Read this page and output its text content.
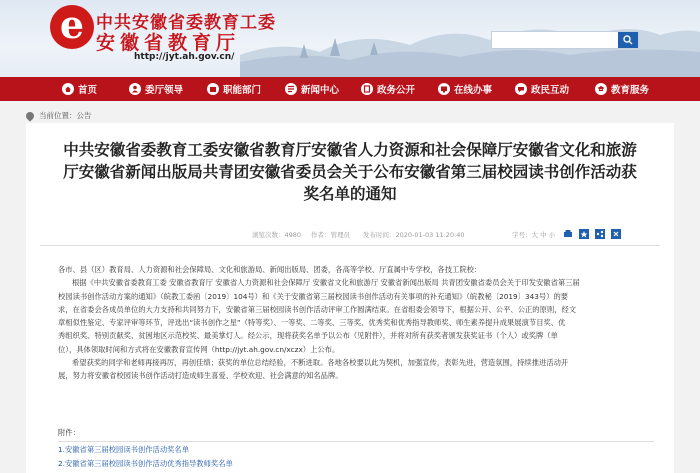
e 中共安徽省委教育工委
安徽省教育厅
http://jyt.ah.gov.cn/
首页	委厅领导	职能部门	新闻中心	政务公开	在线办事	政民互动	教育服务
当前位置：公告
中共安徽省委教育工委安徽省教育厅安徽省人力资源和社会保障厅安徽省文化和旅游
厅安徽省新闻出版局共青团安徽省委员会关于公布安徽省第三届校园读书创作活动获
奖名单的通知
浏览次数：4980 作者：管理员 发布时间：2020-01-03 11:20:40	字号：大 中 小

各市、县（区）教育局、人力资源和社会保障局、文化和旅游局、新闻出版局、团委，各高等学校、厅直属中专学校，各技工院校：

根据《中共安徽省委教育工委 安徽省教育厅 安徽省人力资源和社会保障厅 安徽省文化和旅游厅 安徽省新闻出版局 共青团安徽省委员会关于印发安徽省第三届

校园读书创作活动方案的通知》（皖教工委函〔2019〕104号）和《关于安徽省第三届校园读书创作活动有关事项的补充通知》（皖教秘〔2019〕343号）的要

求，在省委会各成员单位的大力支持和共同努力下，安徽省第三届校园读书创作活动评审工作圆满结束。在省组委会领导下，根据公开、公平、公正的原则，经文

章相似性鉴定、专家评审等环节，评选出“读书创作之星”（特等奖）、一等奖、二等奖、三等奖、优秀奖和优秀指导教师奖、师生素养提升成果展演节目奖、优

秀组织奖、特别贡献奖、贫困地区示范校奖、最美掌灯人。经公示，现将获奖名单予以公布（见附件），并将对所有获奖者颁发获奖证书（个人）或奖牌（单

位），具体领取时间和方式将在安徽教育宣传网（http://jyt.ah.gov.cn/xczx）上公布。

希望获奖的同学和老师再接再厉，再创佳绩；获奖的单位总结经验，不断进取。各地各校要以此为契机，加强宣传，表彰先进，营造氛围，持续推进活动开

展，努力将安徽省校园读书创作活动打造成师生喜爱、学校欢迎、社会满意的知名品牌。

附件：
1.安徽省第三届校园读书创作活动奖名单
2.安徽省第三届校园读书创作活动优秀指导教师奖名单
